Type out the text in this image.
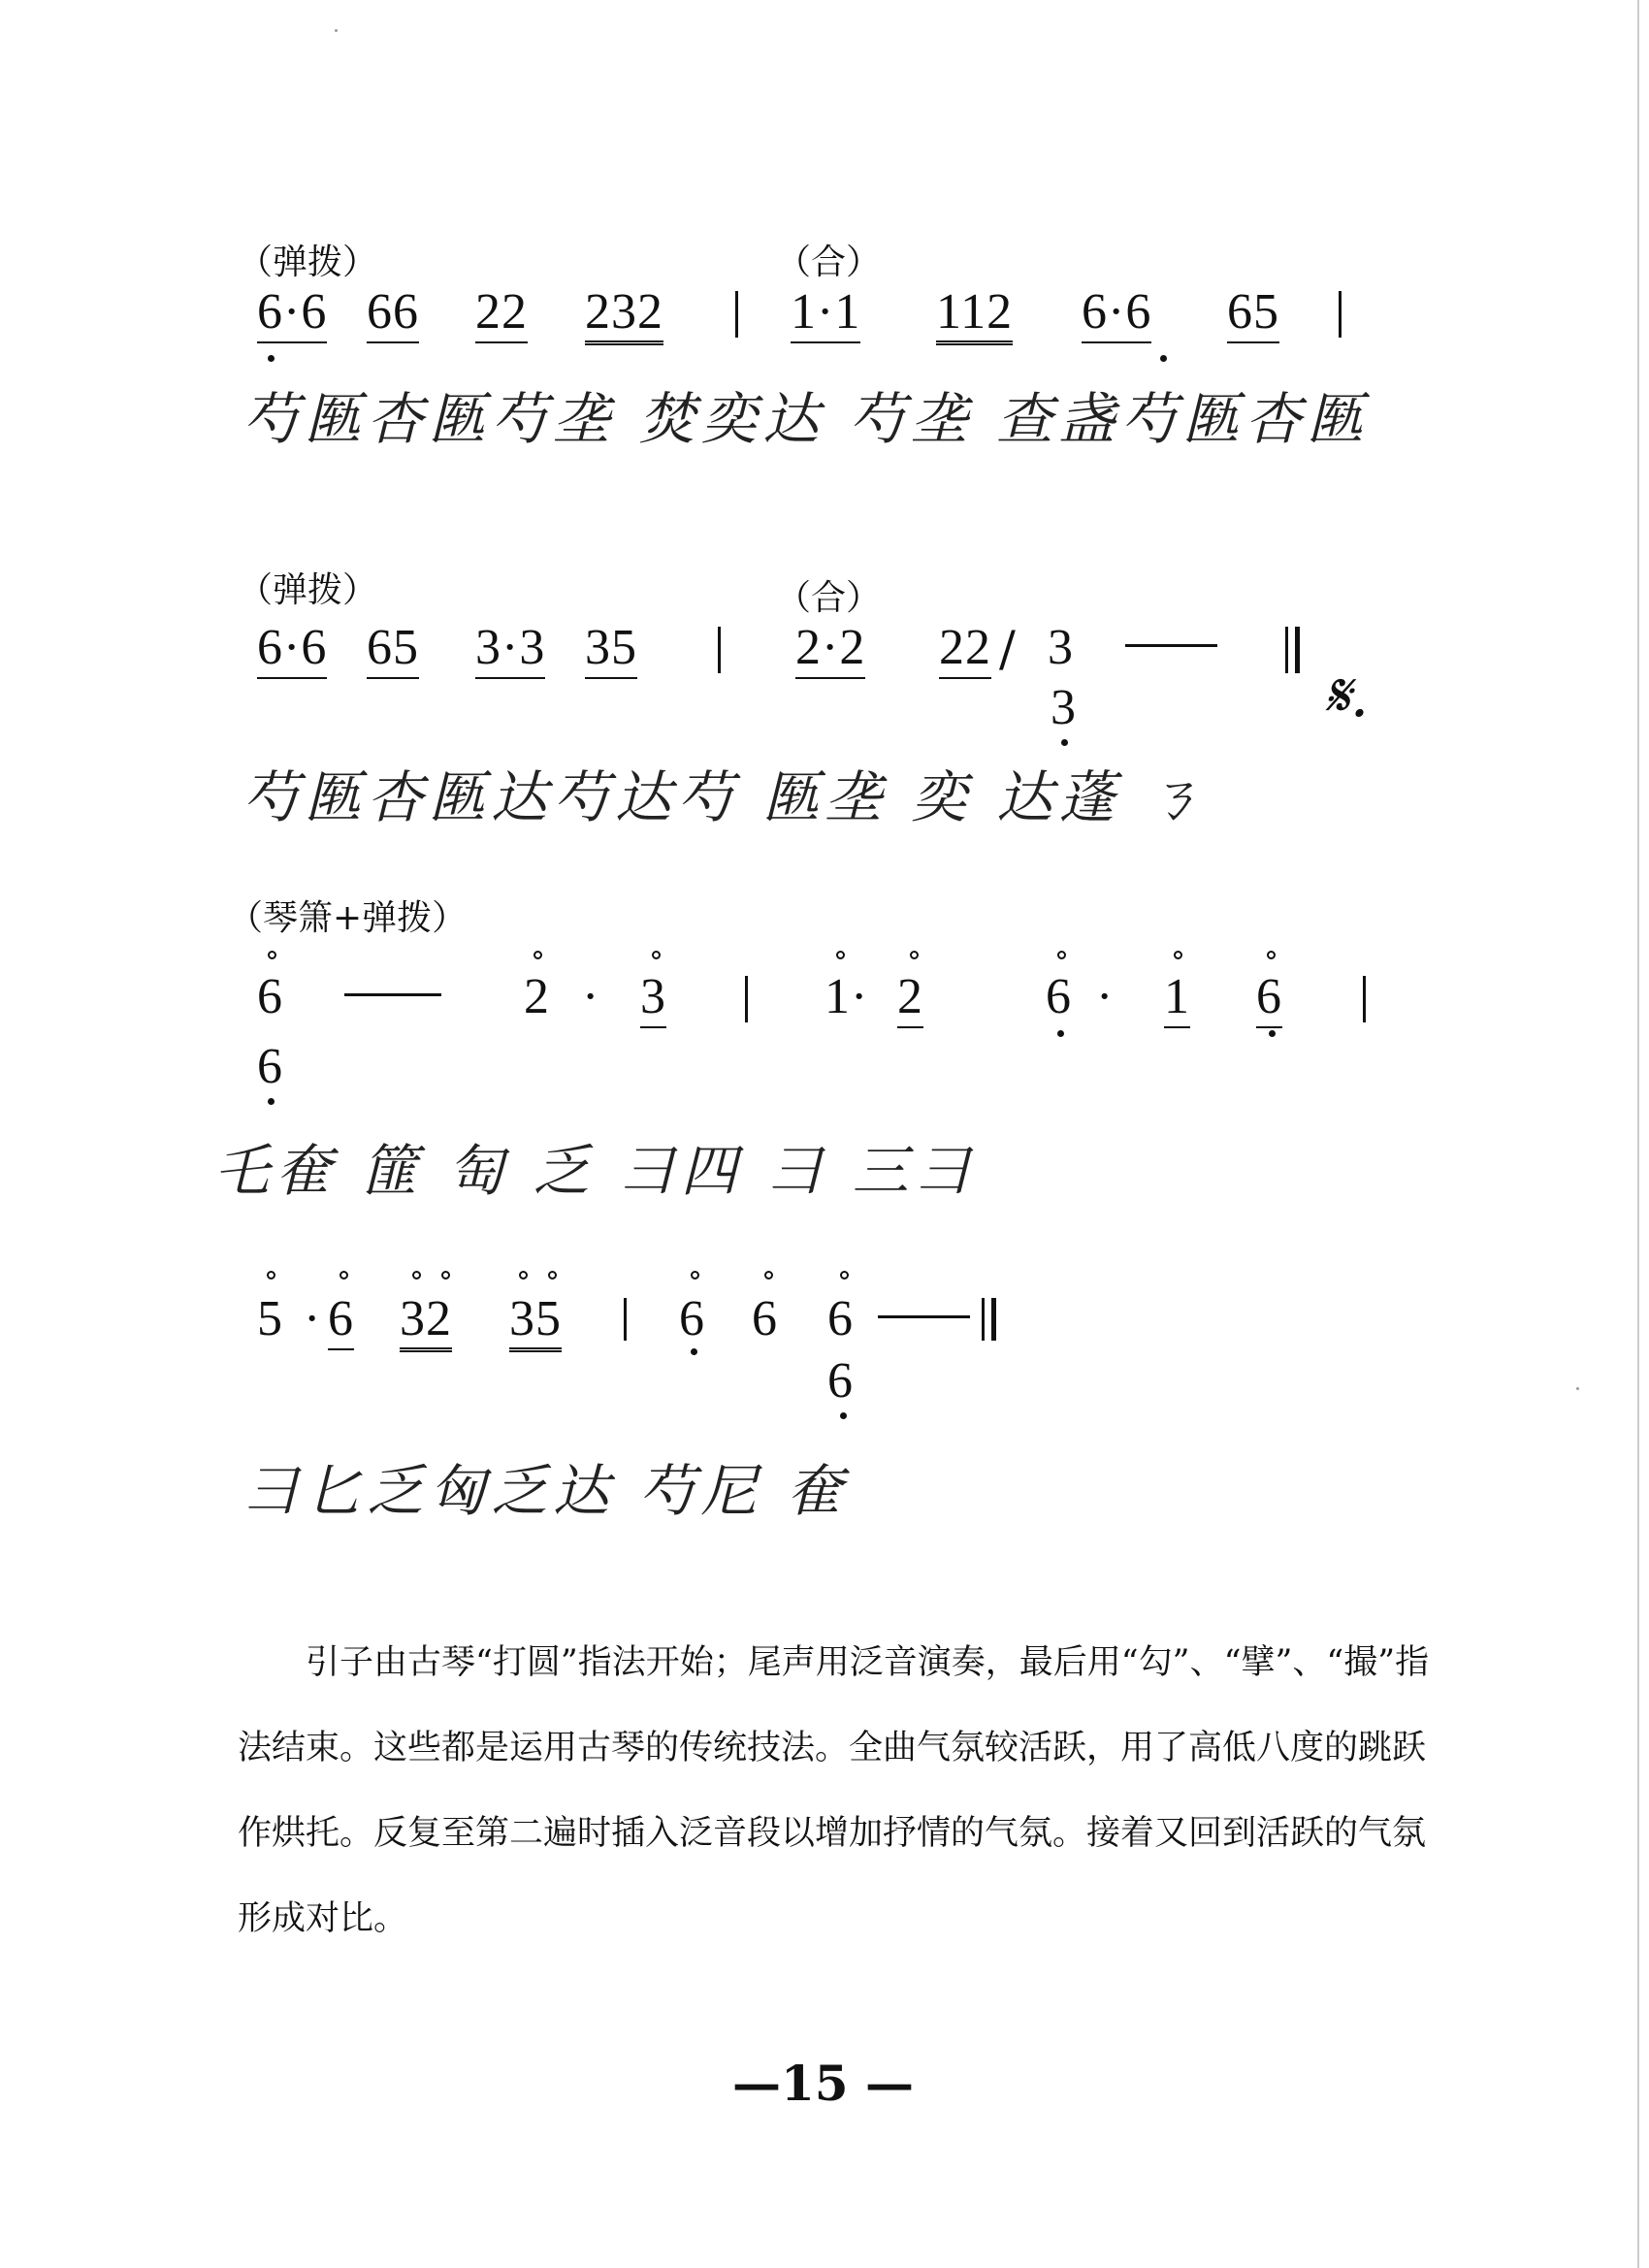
（弹拨）	（合）
6·6 66 22 232	1·1 112 6·6 65
芍匦杏匦芍垄 焚奕达 芍垄 查盏芍匦杏匦
（弹拨）	（合）
6·6 65 3·3 35	2·2 22 ∕ 3
3	𝄋.
芍匦杏匦达芍达芍 匦垄 奕 达蓬 ㄋ
（琴箫+弹拨）
6	2 · 3	1· 2 6 · 1 6
6
乇奞 篚 匋 乏 彐四 彐 三彐
5 · 6 32 35 6 6 6
6
彐匕乏匈乏达 芍尼 奞

引子由古琴“打圆”指法开始；尾声用泛音演奏，最后用“勾”、“擘”、“撮”指法结束。这些都是运用古琴的传统技法。全曲气氛较活跃，用了高低八度的跳跃作烘托。反复至第二遍时插入泛音段以增加抒情的气氛。接着又回到活跃的气氛形成对比。

—15 —
